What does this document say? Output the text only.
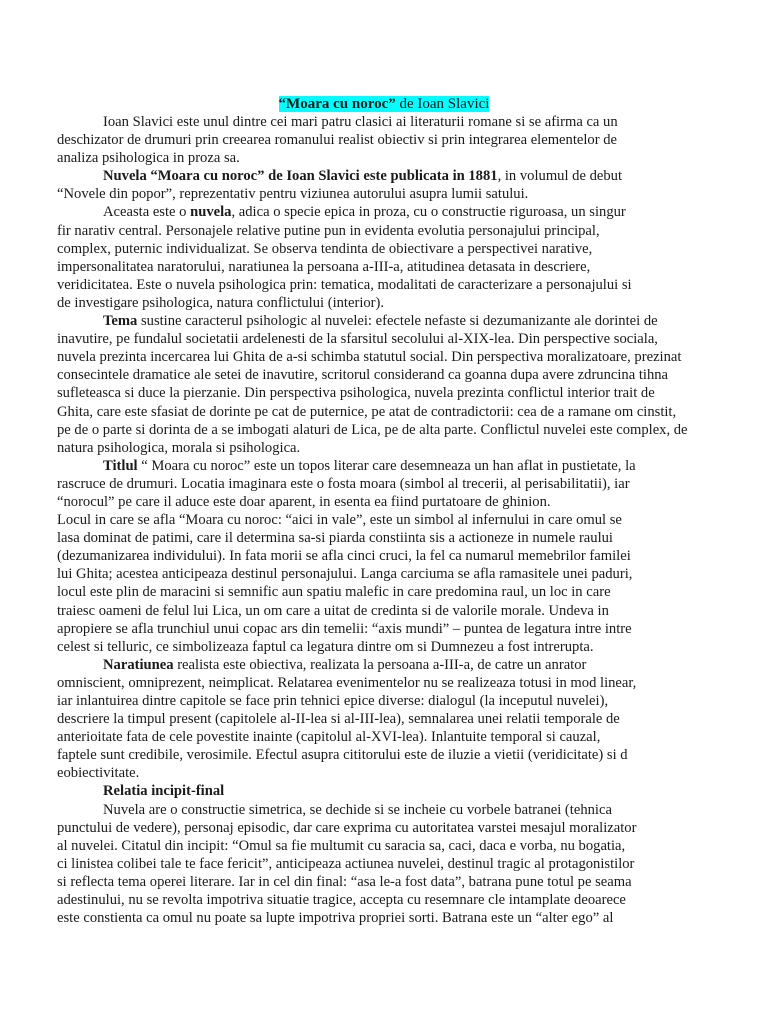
“Moara cu noroc” de Ioan Slavici
Ioan Slavici este unul dintre cei mari patru clasici ai literaturii romane si se afirma ca un
deschizator de drumuri prin creearea romanului realist obiectiv si prin integrarea elementelor de
analiza psihologica in proza sa.
Nuvela “Moara cu noroc” de Ioan Slavici este publicata in 1881, in volumul de debut
“Novele din popor”, reprezentativ pentru viziunea autorului asupra lumii satului.
Aceasta este o nuvela, adica o specie epica in proza, cu o constructie riguroasa, un singur
fir narativ central. Personajele relative putine pun in evidenta evolutia personajului principal,
complex, puternic individualizat. Se observa tendinta de obiectivare a perspectivei narative,
impersonalitatea naratorului, naratiunea la persoana a-III-a, atitudinea detasata in descriere,
veridicitatea. Este o nuvela psihologica prin: tematica, modalitati de caracterizare a personajului si
de investigare psihologica, natura conflictului (interior).
Tema sustine caracterul psihologic al nuvelei: efectele nefaste si dezumanizante ale dorintei de
inavutire, pe fundalul societatii ardelenesti de la sfarsitul secolului al-XIX-lea. Din perspective sociala,
nuvela prezinta incercarea lui Ghita de a-si schimba statutul social. Din perspectiva moralizatoare, prezinat
consecintele dramatice ale setei de inavutire, scritorul considerand ca goanna dupa avere zdruncina tihna
sufleteasca si duce la pierzanie. Din perspectiva psihologica, nuvela prezinta conflictul interior trait de
Ghita, care este sfasiat de dorinte pe cat de puternice, pe atat de contradictorii: cea de a ramane om cinstit,
pe de o parte si dorinta de a se imbogati alaturi de Lica, pe de alta parte. Conflictul nuvelei este complex, de
natura psihologica, morala si psihologica.
Titlul “ Moara cu noroc” este un topos literar care desemneaza un han aflat in pustietate, la
rascruce de drumuri. Locatia imaginara este o fosta moara (simbol al trecerii, al perisabilitatii), iar
“norocul” pe care il aduce este doar aparent, in esenta ea fiind purtatoare de ghinion.
Locul in care se afla “Moara cu noroc: “aici in vale”, este un simbol al infernului in care omul se
lasa dominat de patimi, care il determina sa-si piarda constiinta sis a actioneze in numele raului
(dezumanizarea individului). In fata morii se afla cinci cruci, la fel ca numarul memebrilor familei
lui Ghita; acestea anticipeaza destinul personajului. Langa carciuma se afla ramasitele unei paduri,
locul este plin de maracini si semnific aun spatiu malefic in care predomina raul, un loc in care
traiesc oameni de felul lui Lica, un om care a uitat de credinta si de valorile morale. Undeva in
apropiere se afla trunchiul unui copac ars din temelii: “axis mundi” – puntea de legatura intre intre
celest si telluric, ce simbolizeaza faptul ca legatura dintre om si Dumnezeu a fost intrerupta.
Naratiunea realista este obiectiva, realizata la persoana a-III-a, de catre un anrator
omniscient, omniprezent, neimplicat. Relatarea evenimentelor nu se realizeaza totusi in mod linear,
iar inlantuirea dintre capitole se face prin tehnici epice diverse: dialogul (la inceputul nuvelei),
descriere la timpul present (capitolele al-II-lea si al-III-lea), semnalarea unei relatii temporale de
anterioitate fata de cele povestite inainte (capitolul al-XVI-lea). Inlantuite temporal si cauzal,
faptele sunt credibile, verosimile. Efectul asupra cititorului este de iluzie a vietii (veridicitate) si d
eobiectivitate.
Relatia incipit-final
Nuvela are o constructie simetrica, se dechide si se incheie cu vorbele batranei (tehnica
punctului de vedere), personaj episodic, dar care exprima cu autoritatea varstei mesajul moralizator
al nuvelei. Citatul din incipit: “Omul sa fie multumit cu saracia sa, caci, daca e vorba, nu bogatia,
ci linistea colibei tale te face fericit”, anticipeaza actiunea nuvelei, destinul tragic al protagonistilor
si reflecta tema operei literare. Iar in cel din final: “asa le-a fost data”, batrana pune totul pe seama
adestinului, nu se revolta impotriva situatie tragice, accepta cu resemnare cle intamplate deoarece
este constienta ca omul nu poate sa lupte impotriva propriei sorti. Batrana este un “alter ego” al
